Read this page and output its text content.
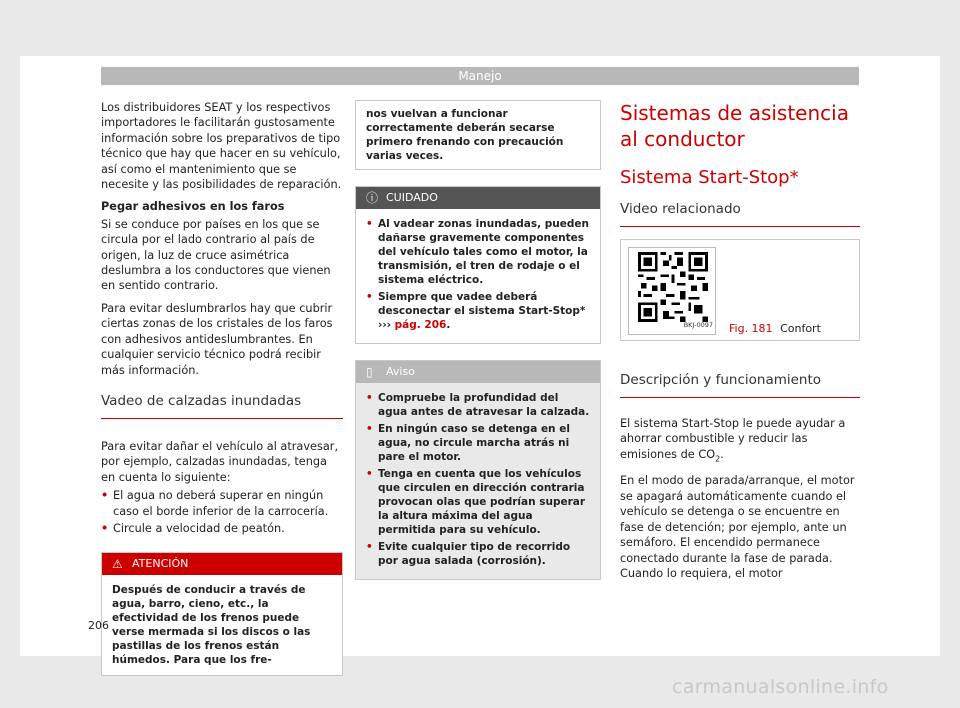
Manejo

Los distribuidores SEAT y los respectivos importadores le facilitarán gustosamente información sobre los preparativos de tipo técnico que hay que hacer en su vehículo, así como el mantenimiento que se necesite y las posibilidades de reparación.

Pegar adhesivos en los faros

Si se conduce por países en los que se circula por el lado contrario al país de origen, la luz de cruce asimétrica deslumbra a los conductores que vienen en sentido contrario.

Para evitar deslumbrarlos hay que cubrir ciertas zonas de los cristales de los faros con adhesivos antideslumbrantes. En cualquier servicio técnico podrá recibir más información.

Vadeo de calzadas inundadas

Para evitar dañar el vehículo al atravesar, por ejemplo, calzadas inundadas, tenga en cuenta lo siguiente:

• El agua no deberá superar en ningún caso el borde inferior de la carrocería.
• Circule a velocidad de peatón.
⚠ ATENCIÓN
Después de conducir a través de agua, barro, cieno, etc., la efectividad de los frenos puede verse mermada si los discos o las pastillas de los frenos están húmedos. Para que los fre-
nos vuelvan a funcionar correctamente deberán secarse primero frenando con precaución varias veces.
ⓘ CUIDADO
• Al vadear zonas inundadas, pueden dañarse gravemente componentes del vehículo tales como el motor, la transmisión, el tren de rodaje o el sistema eléctrico.
• Siempre que vadee deberá desconectar el sistema Start-Stop* ››› pág. 206.
▯ Aviso
• Compruebe la profundidad del agua antes de atravesar la calzada.
• En ningún caso se detenga en el agua, no circule marcha atrás ni pare el motor.
• Tenga en cuenta que los vehículos que circulen en dirección contraria provocan olas que podrían superar la altura máxima del agua permitida para su vehículo.
• Evite cualquier tipo de recorrido por agua salada (corrosión).
Sistemas de asistencia al conductor
Sistema Start-Stop*
Video relacionado
BKJ-0097 Fig. 181 Confort
Descripción y funcionamiento

El sistema Start-Stop le puede ayudar a ahorrar combustible y reducir las emisiones de $CO_2$.

En el modo de parada/arranque, el motor se apagará automáticamente cuando el vehículo se detenga o se encuentre en fase de detención; por ejemplo, ante un semáforo. El encendido permanece conectado durante la fase de parada. Cuando lo requiera, el motor

206
carmanualsonline.info
